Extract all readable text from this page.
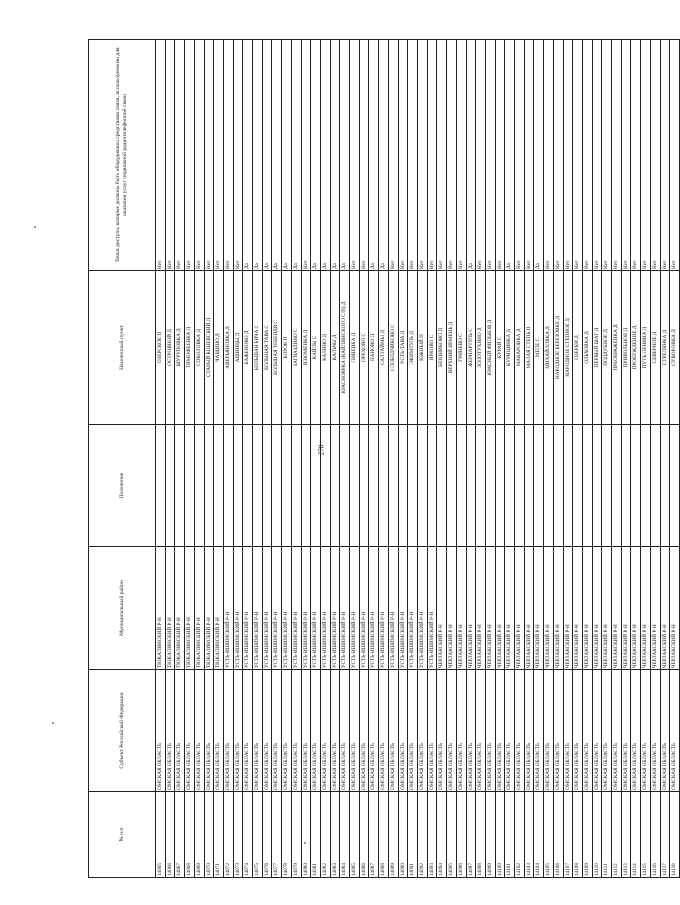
278
№ п/п	Субъект Российской Федерации	Муниципальный район	Поселение	Населенный пункт	Точки доступа, которые должны быть оборудованы средствами связи, используемыми для оказания услуг подвижной радиотелефонной связи
14065	ОМСКАЯ ОБЛАСТЬ	ТЮКАЛИНСКИЙ Р-Н		ОЗЕРСКОЕ П	Нет
14066	ОМСКАЯ ОБЛАСТЬ	ТЮКАЛИНСКИЙ Р-Н		ОСТРОВНОЙ Д	Нет
14067	ОМСКАЯ ОБЛАСТЬ	ТЮКАЛИНСКИЙ Р-Н		ШУРУПОВКА Д	Нет
14068	ОМСКАЯ ОБЛАСТЬ	ТЮКАЛИНСКИЙ Р-Н		ТИМОФЕЕВКА Д	Нет
14069	ОМСКАЯ ОБЛАСТЬ	ТЮКАЛИНСКИЙ Р-Н		СОКОЛОВКА Д	Нет
14070	ОМСКАЯ ОБЛАСТЬ	ТЮКАЛИНСКИЙ Р-Н		СТАРЫЙ КОНЕВСКИЙ Д	Нет
14071	ОМСКАЯ ОБЛАСТЬ	ТЮКАЛИНСКИЙ Р-Н		ЧАЩИНО Д	Нет
14072	ОМСКАЯ ОБЛАСТЬ	УСТЬ-ИШИМСКИЙ Р-Н		АВЕРЬЯНОВКА Д	Нет
14073	ОМСКАЯ ОБЛАСТЬ	УСТЬ-ИШИМСКИЙ Р-Н		АШИНЦЫ Д	Нет
14074	ОМСКАЯ ОБЛАСТЬ	УСТЬ-ИШИМСКИЙ Р-Н		БАЖЕНОВО Д	Да
14075	ОМСКАЯ ОБЛАСТЬ	УСТЬ-ИШИМСКИЙ Р-Н		БОЛЬШАЯ БИЧА С	Да
14076	ОМСКАЯ ОБЛАСТЬ	УСТЬ-ИШИМСКИЙ Р-Н		БОЛЬШАЯ ТАВА С	Да
14077	ОМСКАЯ ОБЛАСТЬ	УСТЬ-ИШИМСКИЙ Р-Н		БОЛЬШАЯ ТЕБЕНДЯ С	Да
14078	ОМСКАЯ ОБЛАСТЬ	УСТЬ-ИШИМСКИЙ Р-Н		БОРОК П	Да
14079	ОМСКАЯ ОБЛАСТЬ	УСТЬ-ИШИМСКИЙ Р-Н		ЗАГВАЗДИНО С	Да
14080	ОМСКАЯ ОБЛАСТЬ	УСТЬ-ИШИМСКИЙ Р-Н		ИЗЮМЕНКА Д	Нет
14081	ОМСКАЯ ОБЛАСТЬ	УСТЬ-ИШИМСКИЙ Р-Н		КАЙЛЫ С	Да
14082	ОМСКАЯ ОБЛАСТЬ	УСТЬ-ИШИМСКИЙ Р-Н		КАЛИНО Д	Да
14083	ОМСКАЯ ОБЛАСТЬ	УСТЬ-ИШИМСКИЙ Р-Н		КАЛЬЧЫ Д	Да
14084	ОМСКАЯ ОБЛАСТЬ	УСТЬ-ИШИМСКИЙ Р-Н		КРАСНОЯРКА (КАЙЛИНСКОГО С/П) Д	Да
14085	ОМСКАЯ ОБЛАСТЬ	УСТЬ-ИШИМСКИЙ Р-Н		ЛИНЕВКА Д	Нет
14086	ОМСКАЯ ОБЛАСТЬ	УСТЬ-ИШИМСКИЙ Р-Н		ОРЕХОВО С	Нет
14087	ОМСКАЯ ОБЛАСТЬ	УСТЬ-ИШИМСКИЙ Р-Н		ПАНОВО Д	Да
14088	ОМСКАЯ ОБЛАСТЬ	УСТЬ-ИШИМСКИЙ Р-Н		САЛТАЙМЫ Д	Да
14089	ОМСКАЯ ОБЛАСТЬ	УСТЬ-ИШИМСКИЙ Р-Н		СЛОБОДЧИКОВО С	Нет
14090	ОМСКАЯ ОБЛАСТЬ	УСТЬ-ИШИМСКИЙ Р-Н		УСТЬ-ТАВА Д	Нет
14091	ОМСКАЯ ОБЛАСТЬ	УСТЬ-ИШИМСКИЙ Р-Н		ЭКИМТУЛЬ Д	Нет
14092	ОМСКАЯ ОБЛАСТЬ	УСТЬ-ИШИМСКИЙ Р-Н		ЮЖНЫЙ П	Нет
14093	ОМСКАЯ ОБЛАСТЬ	УСТЬ-ИШИМСКИЙ Р-Н		ЯРКОВО С	Нет
14094	ОМСКАЯ ОБЛАСТЬ	ЧЕРЛАКСКИЙ Р-Н		БЕРДНИКОВО Д	Нет
14095	ОМСКАЯ ОБЛАСТЬ	ЧЕРЛАКСКИЙ Р-Н		ВЕРХНИЙ ИРМЕНЬ Д	Нет
14096	ОМСКАЯ ОБЛАСТЬ	ЧЕРЛАКСКИЙ Р-Н		ГРИНЕВО С	Нет
14097	ОМСКАЯ ОБЛАСТЬ	ЧЕРЛАКСКИЙ Р-Н		ЖЕРНАРТУЛЬ С	Да
14098	ОМСКАЯ ОБЛАСТЬ	ЧЕРЛАКСКИЙ Р-Н		ЗОЛОТУХИНО Д	Нет
14099	ОМСКАЯ ОБЛАСТЬ	ЧЕРЛАКСКИЙ Р-Н		КРАСНЫЙ ФИЛЬКОВ Д	Нет
14100	ОМСКАЯ ОБЛАСТЬ	ЧЕРЛАКСКИЙ Р-Н		КУРАЙ С	Нет
14101	ОМСКАЯ ОБЛАСТЬ	ЧЕРЛАКСКИЙ Р-Н		КУРИЦИНКА Д	Да
14102	ОМСКАЯ ОБЛАСТЬ	ЧЕРЛАКСКИЙ Р-Н		МАКАРОВКА Д	Нет
14103	ОМСКАЯ ОБЛАСТЬ	ЧЕРЛАКСКИЙ Р-Н		МАЛАЯ СТЕПЬ П	Нет
14104	ОМСКАЯ ОБЛАСТЬ	ЧЕРЛАКСКИЙ Р-Н		МЕЛЕ С	Да
14105	ОМСКАЯ ОБЛАСТЬ	ЧЕРЛАКСКИЙ Р-Н		МИХАЙЛОВКА Д	Нет
14106	ОМСКАЯ ОБЛАСТЬ	ЧЕРЛАКСКИЙ Р-Н		НАРОДНОЕ БЕРЕЗОВКЕ Д	Нет
14107	ОМСКАЯ ОБЛАСТЬ	ЧЕРЛАКСКИЙ Р-Н		НАРОДНОЕ СТЕПНОЕ Д	Нет
14108	ОМСКАЯ ОБЛАСТЬ	ЧЕРЛАКСКИЙ Р-Н		ОЗЕРКИ Д	Нет
14109	ОМСКАЯ ОБЛАСТЬ	ЧЕРЛАКСКИЙ Р-Н		ОЛЬХОВКА Д	Нет
14110	ОМСКАЯ ОБЛАСТЬ	ЧЕРЛАКСКИЙ Р-Н		ПЕРВЫЙ ШАГ Д	Нет
14111	ОМСКАЯ ОБЛАСТЬ	ЧЕРЛАКСКИЙ Р-Н		ПОДДУБНОЕ Д	Нет
14112	ОМСКАЯ ОБЛАСТЬ	ЧЕРЛАКСКИЙ Р-Н		ПРЕОБРАЖЕНКА Д	Нет
14113	ОМСКАЯ ОБЛАСТЬ	ЧЕРЛАКСКИЙ Р-Н		ПРИВОЛЬНОЕ Д	Нет
14114	ОМСКАЯ ОБЛАСТЬ	ЧЕРЛАКСКИЙ Р-Н		ПРОБУЖДЕНИЕ Д	Нет
14115	ОМСКАЯ ОБЛАСТЬ	ЧЕРЛАКСКИЙ Р-Н		ПУТЬ ЛЕНИНА Д	Нет
14116	ОМСКАЯ ОБЛАСТЬ	ЧЕРЛАКСКИЙ Р-Н		СЕВЕРНОЕ Д	Нет
14117	ОМСКАЯ ОБЛАСТЬ	ЧЕРЛАКСКИЙ Р-Н		СТРЕЛЯНКА Д	Нет
14118	ОМСКАЯ ОБЛАСТЬ	ЧЕРЛАКСКИЙ Р-Н		СУВОРОВКА Д	Нет
